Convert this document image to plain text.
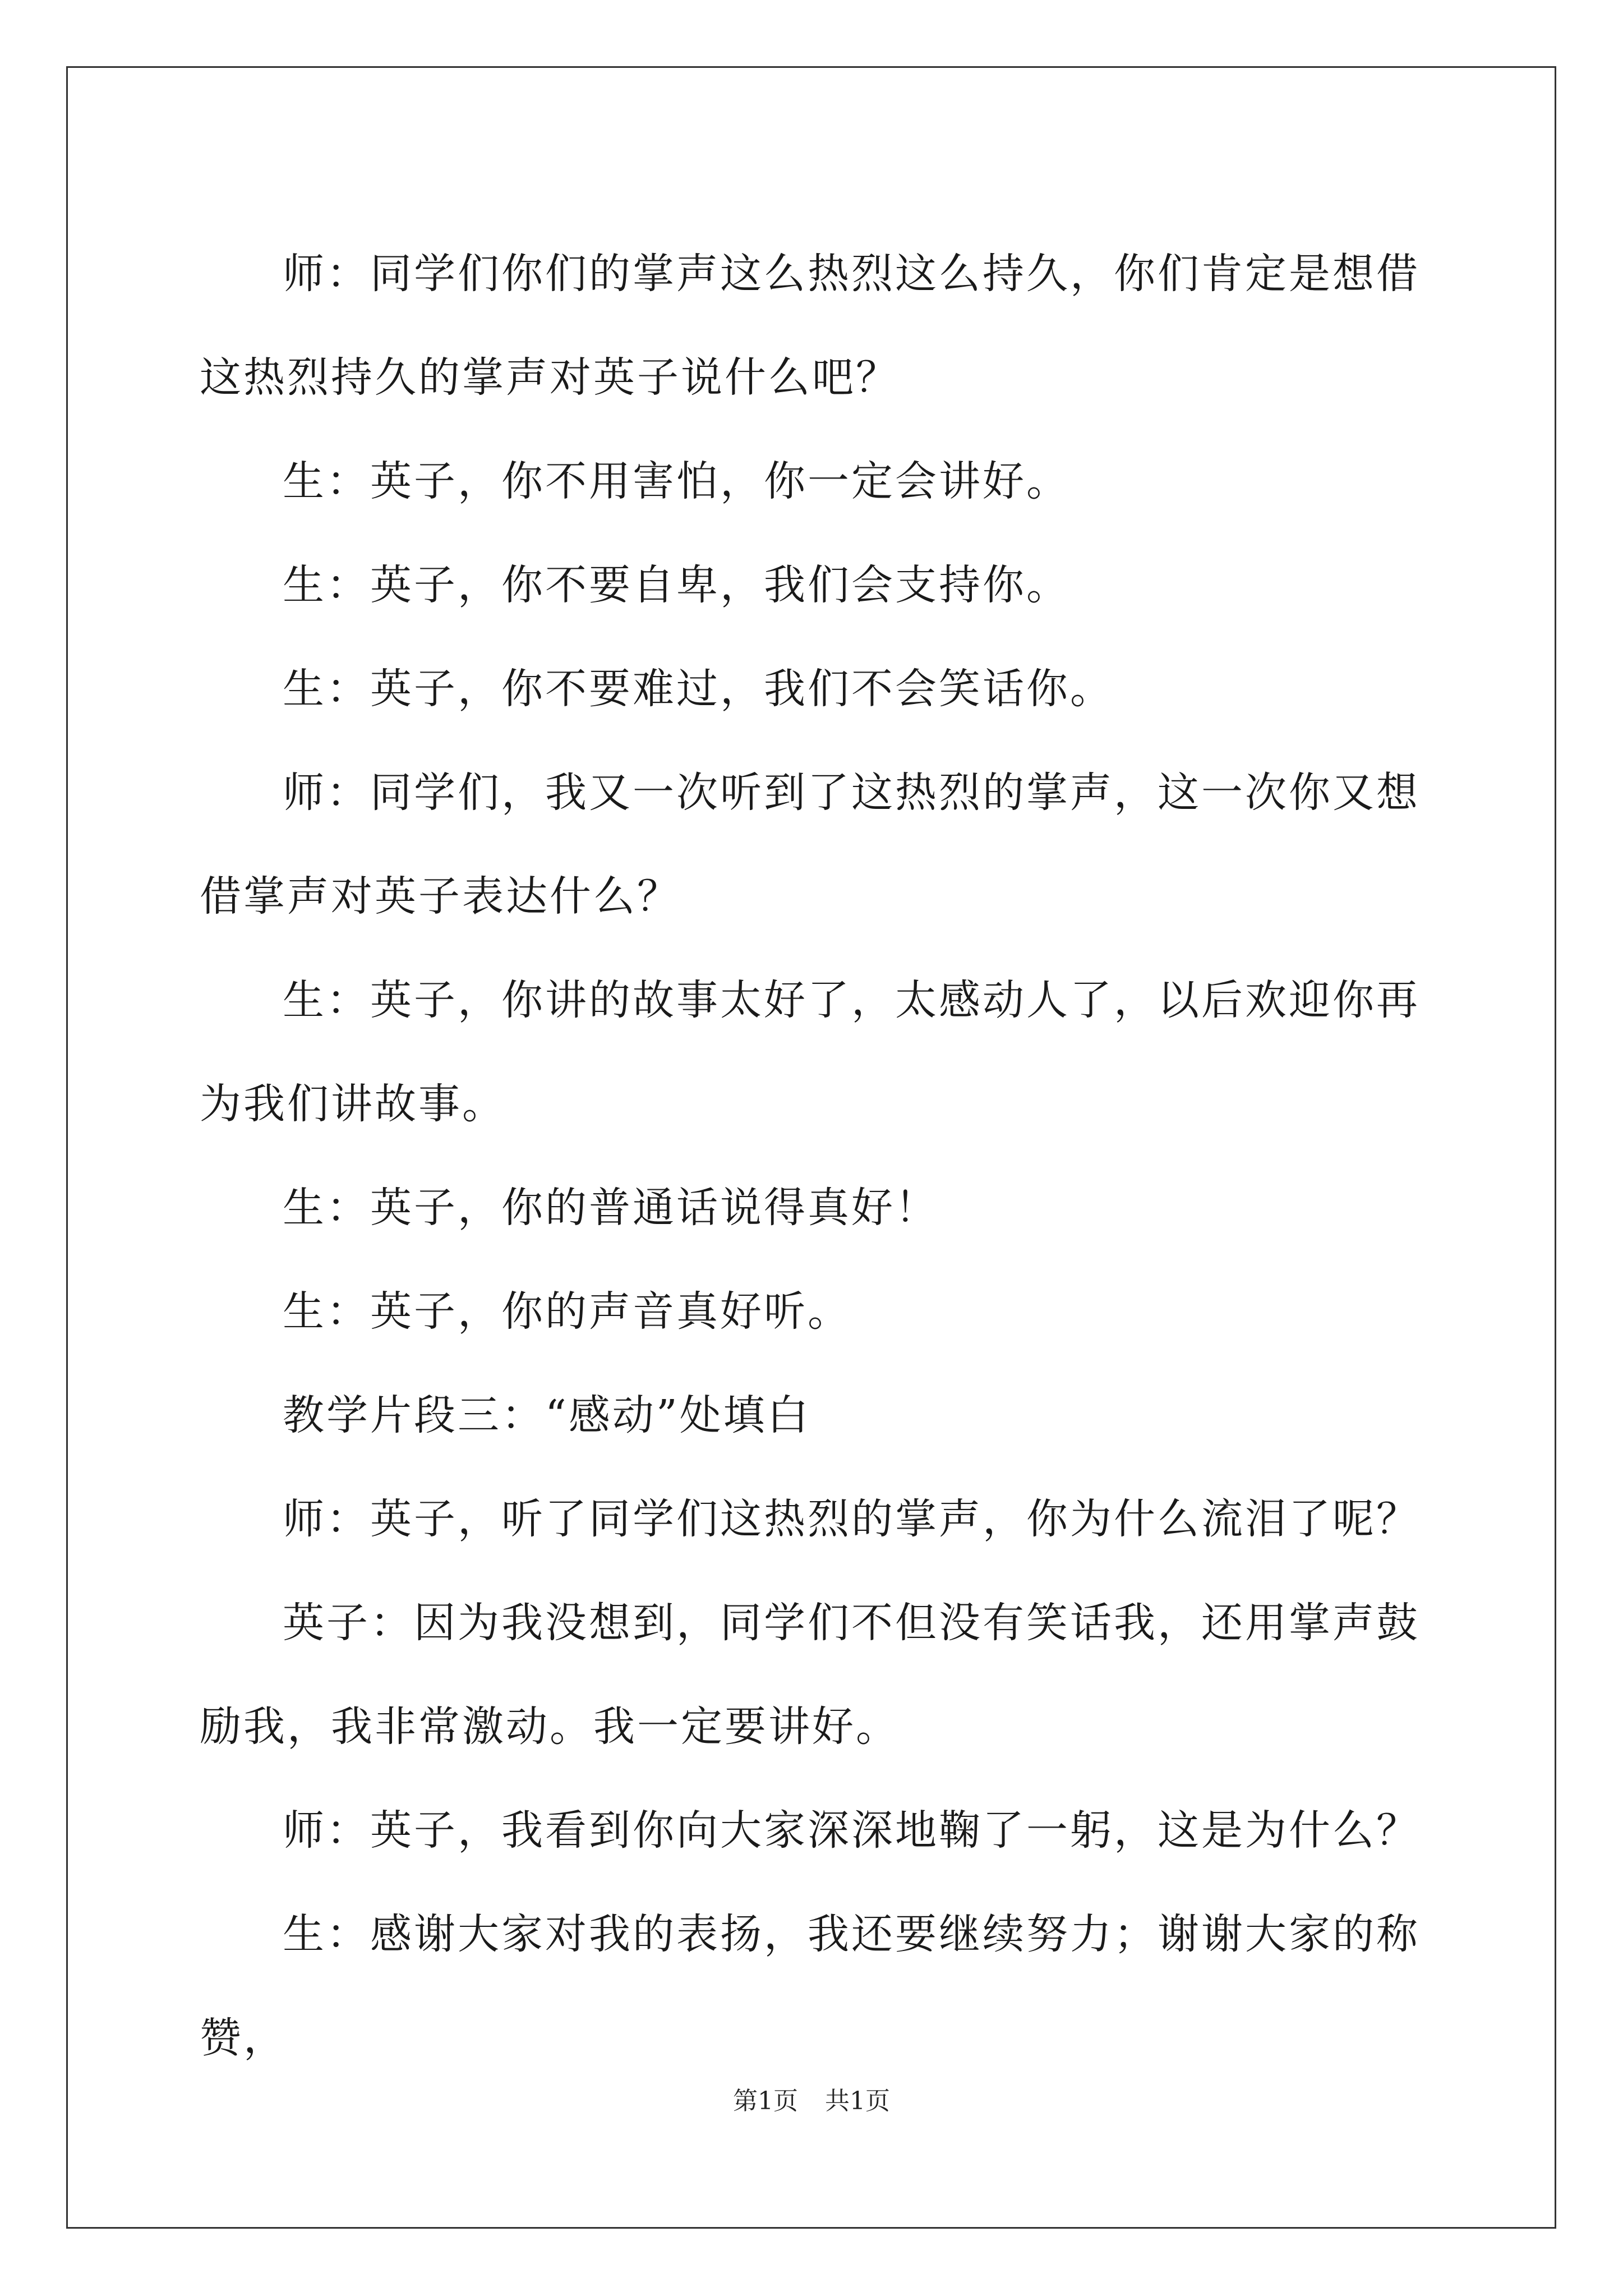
师：同学们你们的掌声这么热烈这么持久，你们肯定是想借这热烈持久的掌声对英子说什么吧？

生：英子，你不用害怕，你一定会讲好。

生：英子，你不要自卑，我们会支持你。

生：英子，你不要难过，我们不会笑话你。

师：同学们，我又一次听到了这热烈的掌声，这一次你又想借掌声对英子表达什么？

生：英子，你讲的故事太好了，太感动人了，以后欢迎你再为我们讲故事。

生：英子，你的普通话说得真好！

生：英子，你的声音真好听。

教学片段三：“感动”处填白

师：英子，听了同学们这热烈的掌声，你为什么流泪了呢？

英子：因为我没想到，同学们不但没有笑话我，还用掌声鼓励我，我非常激动。我一定要讲好。

师：英子，我看到你向大家深深地鞠了一躬，这是为什么？

生：感谢大家对我的表扬，我还要继续努力；谢谢大家的称赞，

第1页 共1页
